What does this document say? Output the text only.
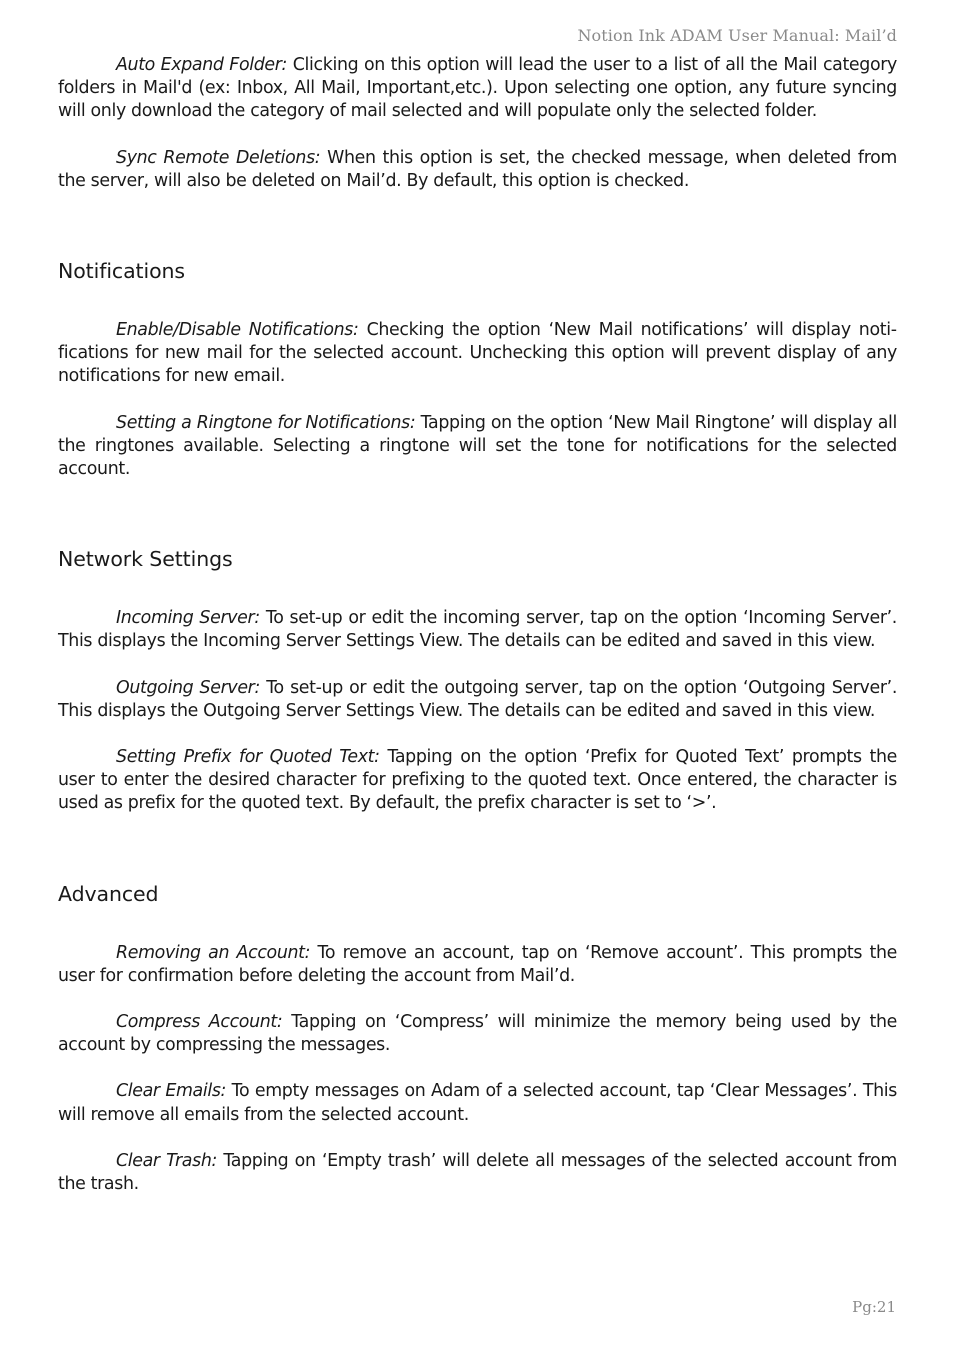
Notion Ink ADAM User Manual: Mail’d

Auto Expand Folder: Clicking on this option will lead the user to a list of all the Mail category folders in Mail'd (ex: Inbox, All Mail, Important,etc.). Upon selecting one option, any future syncing will only download the category of mail selected and will populate only the selected folder.

Sync Remote Deletions: When this option is set, the checked message, when deleted from the server, will also be deleted on Mail’d. By default, this option is checked.

Notifications

Enable/Disable Notifications: Checking the option ‘New Mail notifications’ will display notifications for new mail for the selected account. Unchecking this option will prevent display of any notifications for new email.

Setting a Ringtone for Notifications: Tapping on the option ‘New Mail Ringtone’ will display all the ringtones available. Selecting a ringtone will set the tone for notifications for the selected account.

Network Settings

Incoming Server: To set-up or edit the incoming server, tap on the option ‘Incoming Server’. This displays the Incoming Server Settings View. The details can be edited and saved in this view.

Outgoing Server: To set-up or edit the outgoing server, tap on the option ‘Outgoing Server’. This displays the Outgoing Server Settings View. The details can be edited and saved in this view.

Setting Prefix for Quoted Text: Tapping on the option ‘Prefix for Quoted Text’ prompts the user to enter the desired character for prefixing to the quoted text. Once entered, the character is used as prefix for the quoted text. By default, the prefix character is set to ‘>’.

Advanced

Removing an Account: To remove an account, tap on ‘Remove account’. This prompts the user for confirmation before deleting the account from Mail’d.

Compress Account: Tapping on ‘Compress’ will minimize the memory being used by the account by compressing the messages.

Clear Emails: To empty messages on Adam of a selected account, tap ‘Clear Messages’. This will remove all emails from the selected account.

Clear Trash: Tapping on ‘Empty trash’ will delete all messages of the selected account from the trash.

Pg:21
